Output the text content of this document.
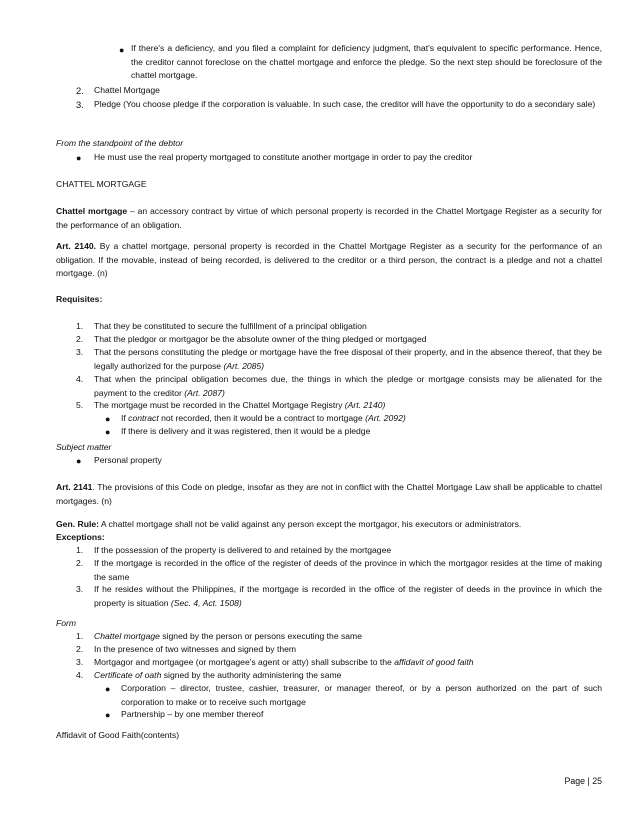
● If there's a deficiency, and you filed a complaint for deficiency judgment, that's equivalent to specific performance. Hence, the creditor cannot foreclose on the chattel mortgage and enforce the pledge. So the next step should be foreclosure of the chattel mortgage.

2. Chattel Mortgage
3. Pledge (You choose pledge if the corporation is valuable. In such case, the creditor will have the opportunity to do a secondary sale)

From the standpoint of the debtor
● He must use the real property mortgaged to constitute another mortgage in order to pay the creditor
CHATTEL MORTGAGE

Chattel mortgage – an accessory contract by virtue of which personal property is recorded in the Chattel Mortgage Register as a security for the performance of an obligation.

Art. 2140. By a chattel mortgage, personal property is recorded in the Chattel Mortgage Register as a security for the performance of an obligation. If the movable, instead of being recorded, is delivered to the creditor or a third person, the contract is a pledge and not a chattel mortgage. (n)

Requisites:
1. That they be constituted to secure the fulfillment of a principal obligation
2. That the pledgor or mortgagor be the absolute owner of the thing pledged or mortgaged
3. That the persons constituting the pledge or mortgage have the free disposal of their property, and in the absence thereof, that they be legally authorized for the purpose (Art. 2085)

4. That when the principal obligation becomes due, the things in which the pledge or mortgage consists may be alienated for the payment to the creditor (Art. 2087)

5. The mortgage must be recorded in the Chattel Mortgage Registry (Art. 2140)

● If contract not recorded, then it would be a contract to mortgage (Art. 2092)

● If there is delivery and it was registered, then it would be a pledge
Subject matter
● Personal property

Art. 2141. The provisions of this Code on pledge, insofar as they are not in conflict with the Chattel Mortgage Law shall be applicable to chattel mortgages. (n)

Gen. Rule: A chattel mortgage shall not be valid against any person except the mortgagor, his executors or administrators.

Exceptions:
1. If the possession of the property is delivered to and retained by the mortgagee
2. If the mortgage is recorded in the office of the register of deeds of the province in which the mortgagor resides at the time of making the same

3. If he resides without the Philippines, if the mortgage is recorded in the office of the register of deeds in the province in which the property is situation (Sec. 4, Act. 1508)

Form
1. Chattel mortgage signed by the person or persons executing the same
2. In the presence of two witnesses and signed by them
3. Mortgagor and mortgagee (or mortgagee's agent or atty) shall subscribe to the affidavit of good faith
4. Certificate of oath signed by the authority administering the same
● Corporation – director, trustee, cashier, treasurer, or manager thereof, or by a person authorized on the part of such corporation to make or to receive such mortgage

● Partnership – by one member thereof
Affidavit of Good Faith(contents)
Page | 25
